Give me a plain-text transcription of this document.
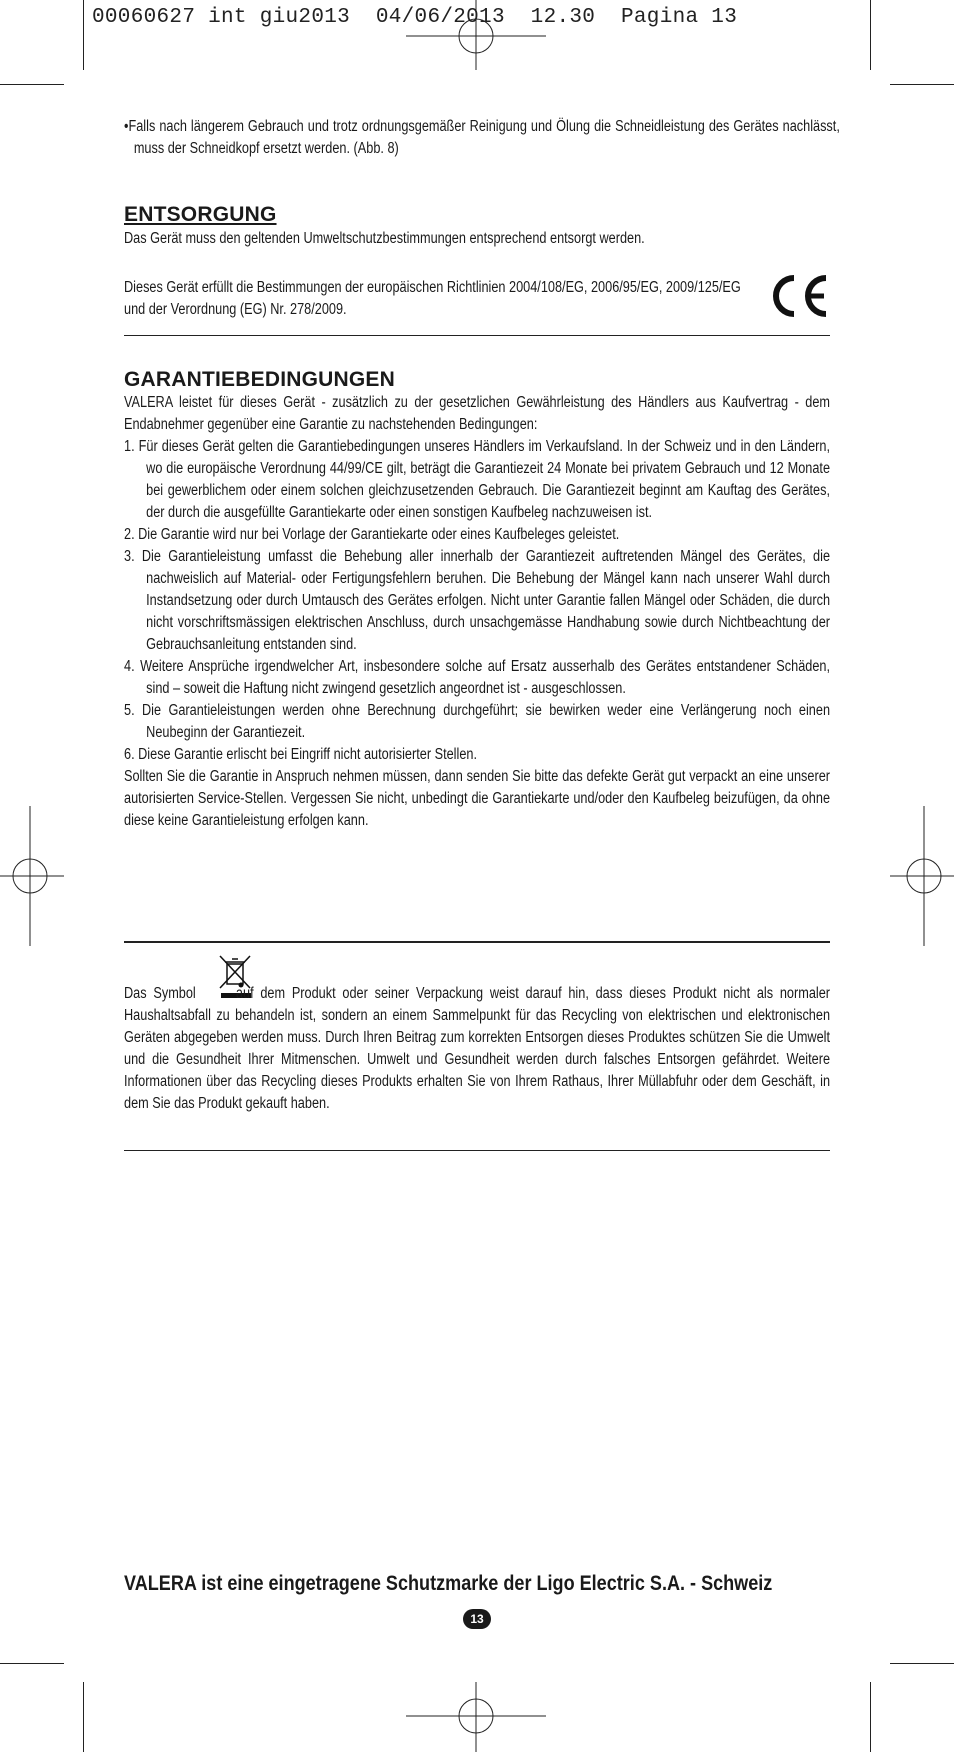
00060627 int giu2013  04/06/2013  12.30  Pagina 13
•Falls nach längerem Gebrauch und trotz ordnungsgemäßer Reinigung und Ölung die Schneidleistung des Gerätes nachlässt, muss der Schneidkopf ersetzt werden. (Abb. 8)
ENTSORGUNG
Das Gerät muss den geltenden Umweltschutzbestimmungen entsprechend entsorgt werden.
Dieses Gerät erfüllt die Bestimmungen der europäischen Richtlinien 2004/108/EG, 2006/95/EG, 2009/125/EG und der Verordnung (EG) Nr. 278/2009.
GARANTIEBEDINGUNGEN
VALERA leistet für dieses Gerät - zusätzlich zu der gesetzlichen Gewährleistung des Händlers aus Kaufvertrag - dem Endabnehmer gegenüber eine Garantie zu nachstehenden Bedingungen:
1. Für dieses Gerät gelten die Garantiebedingungen unseres Händlers im Verkaufsland. In der Schweiz und in den Ländern, wo die europäische Verordnung 44/99/CE gilt, beträgt die Garantiezeit 24 Monate bei privatem Gebrauch und 12 Monate bei gewerblichem oder einem solchen gleichzusetzenden Gebrauch. Die Garantiezeit beginnt am Kauftag des Gerätes, der durch die ausgefüllte Garantiekarte oder einen sonstigen Kaufbeleg nachzuweisen ist.
2. Die Garantie wird nur bei Vorlage der Garantiekarte oder eines Kaufbeleges geleistet.
3. Die Garantieleistung umfasst die Behebung aller innerhalb der Garantiezeit auftretenden Mängel des Gerätes, die nachweislich auf Material- oder Fertigungsfehlern beruhen. Die Behebung der Mängel kann nach unserer Wahl durch Instandsetzung oder durch Umtausch des Gerätes erfolgen. Nicht unter Garantie fallen Mängel oder Schäden, die durch nicht vorschriftsmässigen elektrischen Anschluss, durch unsachgemässe Handhabung sowie durch Nichtbeachtung der Gebrauchsanleitung entstanden sind.
4. Weitere Ansprüche irgendwelcher Art, insbesondere solche auf Ersatz ausserhalb des Gerätes entstandener Schäden, sind – soweit die Haftung nicht zwingend gesetzlich angeordnet ist - ausgeschlossen.
5. Die Garantieleistungen werden ohne Berechnung durchgeführt; sie bewirken weder eine Verlängerung noch einen Neubeginn der Garantiezeit.
6. Diese Garantie erlischt bei Eingriff nicht autorisierter Stellen.
Sollten Sie die Garantie in Anspruch nehmen müssen, dann senden Sie bitte das defekte Gerät gut verpackt an eine unserer autorisierten Service-Stellen. Vergessen Sie nicht, unbedingt die Garantiekarte und/oder den Kaufbeleg beizufügen, da ohne diese keine Garantieleistung erfolgen kann.
Das Symbol	auf dem Produkt oder seiner Verpackung weist darauf hin, dass dieses Produkt nicht als normaler Haushaltsabfall zu behandeln ist, sondern an einem Sammelpunkt für das Recycling von elektrischen und elektronischen Geräten abgegeben werden muss. Durch Ihren Beitrag zum korrekten Entsorgen dieses Produktes schützen Sie die Umwelt und die Gesundheit Ihrer Mitmenschen. Umwelt und Gesundheit werden durch falsches Entsorgen gefährdet. Weitere Informationen über das Recycling dieses Produkts erhalten Sie von Ihrem Rathaus, Ihrer Müllabfuhr oder dem Geschäft, in dem Sie das Produkt gekauft haben.
VALERA ist eine eingetragene Schutzmarke der Ligo Electric S.A. - Schweiz
13
